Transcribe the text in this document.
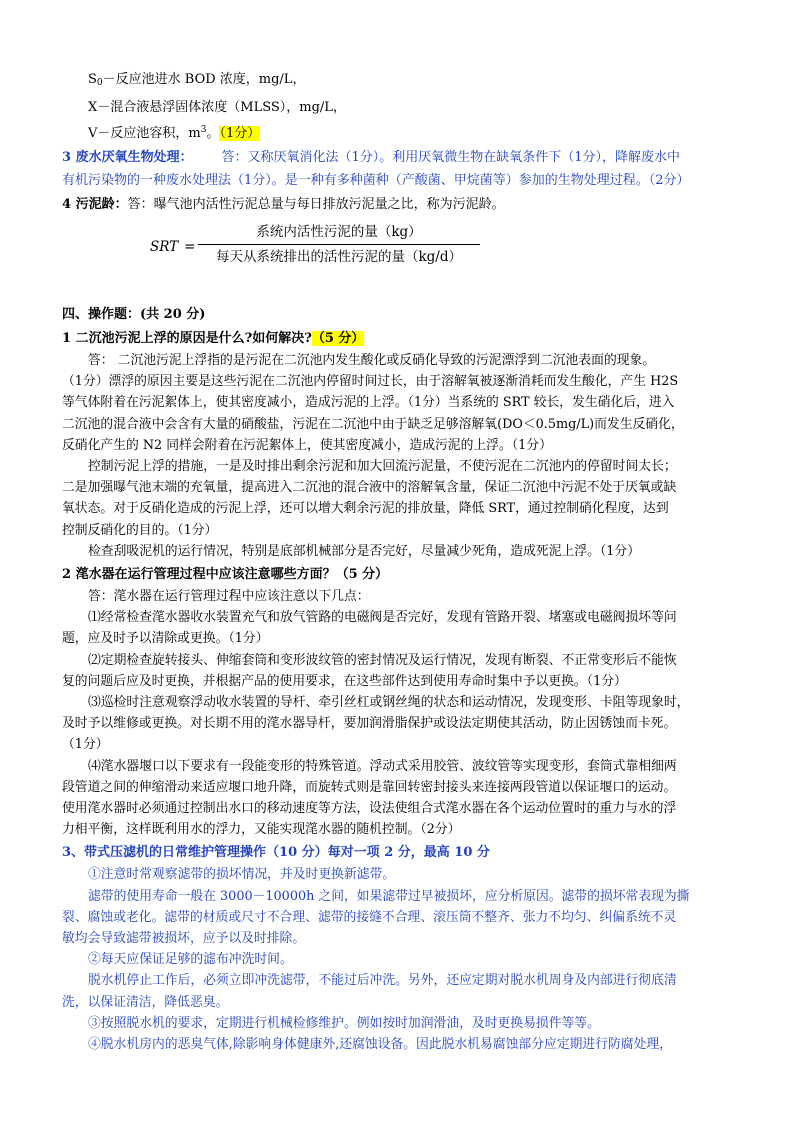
$S_0-$反应池进水 BOD 浓度，mg/L，
X－混合液悬浮固体浓度（MLSS），mg/L，
V－反应池容积，$m^3$。（1分）
3 废水厌氧生物处理： 答：又称厌氧消化法（1分）。利用厌氧微生物在缺氧条件下（1分），降解废水中
有机污染物的一种废水处理法（1分）。是一种有多种菌种（产酸菌、甲烷菌等）参加的生物处理过程。（2分）
4 污泥龄：答：曝气池内活性污泥总量与每日排放污泥量之比，称为污泥龄。
SRT =
系统内活性污泥的量（kg）
每天从系统排出的活性污泥的量（kg/d）
四、操作题：(共 20 分)
1 二沉池污泥上浮的原因是什么?如何解决?（5 分）
答： 二沉池污泥上浮指的是污泥在二沉池内发生酸化或反硝化导致的污泥漂浮到二沉池表面的现象。
（1分）漂浮的原因主要是这些污泥在二沉池内停留时间过长，由于溶解氧被逐渐消耗而发生酸化，产生 H2S
等气体附着在污泥絮体上，使其密度减小，造成污泥的上浮。（1分）当系统的 SRT 较长，发生硝化后，进入
二沉池的混合液中会含有大量的硝酸盐，污泥在二沉池中由于缺乏足够溶解氧(DO＜0.5mg/L)而发生反硝化，
反硝化产生的 N2 同样会附着在污泥絮体上，使其密度减小，造成污泥的上浮。（1分）
控制污泥上浮的措施，一是及时排出剩余污泥和加大回流污泥量，不使污泥在二沉池内的停留时间太长；
二是加强曝气池末端的充氧量，提高进入二沉池的混合液中的溶解氧含量，保证二沉池中污泥不处于厌氧或缺
氧状态。对于反硝化造成的污泥上浮，还可以增大剩余污泥的排放量，降低 SRT，通过控制硝化程度，达到
控制反硝化的目的。（1分）
检查刮吸泥机的运行情况，特别是底部机械部分是否完好，尽量减少死角，造成死泥上浮。（1分）
2 滗水器在运行管理过程中应该注意哪些方面？（5 分）
答：滗水器在运行管理过程中应该注意以下几点：
⑴经常检查滗水器收水装置充气和放气管路的电磁阀是否完好，发现有管路开裂、堵塞或电磁阀损坏等问
题，应及时予以清除或更换。（1分）
⑵定期检查旋转接头、伸缩套筒和变形波纹管的密封情况及运行情况，发现有断裂、不正常变形后不能恢
复的问题后应及时更换，并根据产品的使用要求，在这些部件达到使用寿命时集中予以更换。（1分）
⑶巡检时注意观察浮动收水装置的导杆、牵引丝杠或钢丝绳的状态和运动情况，发现变形、卡阻等现象时，
及时予以维修或更换。对长期不用的滗水器导杆，要加润滑脂保护或设法定期使其活动，防止因锈蚀而卡死。
（1分）
⑷滗水器堰口以下要求有一段能变形的特殊管道。浮动式采用胶管、波纹管等实现变形，套筒式靠相细两
段管道之间的伸缩滑动来适应堰口地升降，而旋转式则是靠回转密封接头来连接两段管道以保证堰口的运动。
使用滗水器时必须通过控制出水口的移动速度等方法，设法使组合式滗水器在各个运动位置时的重力与水的浮
力相平衡，这样既利用水的浮力，又能实现滗水器的随机控制。（2分）
3、带式压滤机的日常维护管理操作（10 分）每对一项 2 分，最高 10 分
①注意时常观察滤带的损坏情况，并及时更换新滤带。
滤带的使用寿命一般在 3000－10000h 之间，如果滤带过早被损坏，应分析原因。滤带的损坏常表现为撕
裂、腐蚀或老化。滤带的材质或尺寸不合理、滤带的接缝不合理、滚压筒不整齐、张力不均匀、纠偏系统不灵
敏均会导致滤带被损坏，应予以及时排除。
②每天应保证足够的滤布冲洗时间。
脱水机停止工作后，必须立即冲洗滤带，不能过后冲洗。另外，还应定期对脱水机周身及内部进行彻底清
洗，以保证清洁，降低恶臭。
③按照脱水机的要求，定期进行机械检修维护。例如按时加润滑油，及时更换易损件等等。
④脱水机房内的恶臭气体,除影响身体健康外,还腐蚀设备。因此脱水机易腐蚀部分应定期进行防腐处理，
